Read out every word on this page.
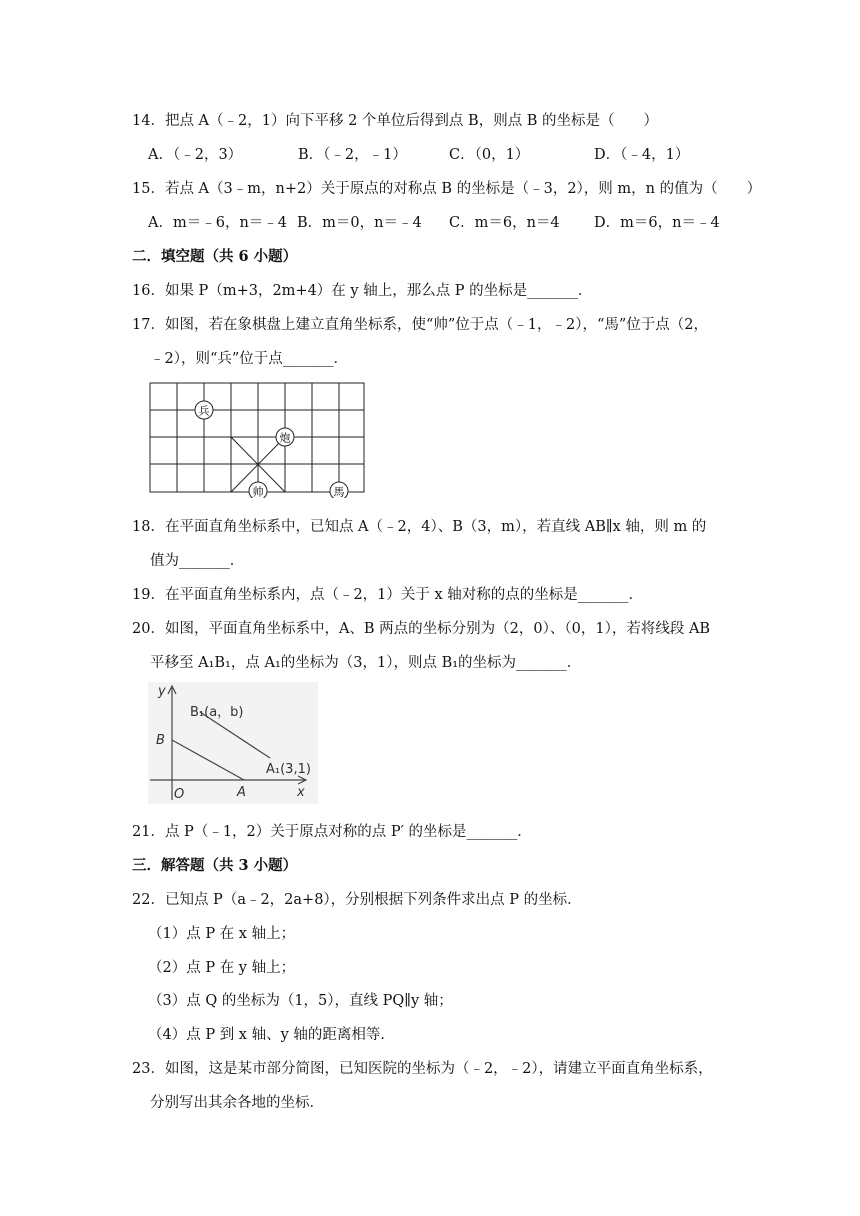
14．把点 A（﹣2，1）向下平移 2 个单位后得到点 B，则点 B 的坐标是（　　）
A．（﹣2，3）	B．（﹣2，﹣1）	C．（0，1）	D．（﹣4，1）
15．若点 A（3﹣m，n+2）关于原点的对称点 B 的坐标是（﹣3，2），则 m，n 的值为（　　）
A．m＝﹣6，n＝﹣4 B．m＝0，n＝﹣4 C．m＝6，n＝4 D．m＝6，n＝﹣4
二．填空题（共 6 小题）
16．如果 P（m+3，2m+4）在 y 轴上，那么点 P 的坐标是_______．
17．如图，若在象棋盘上建立直角坐标系，使“帅”位于点（﹣1，﹣2），“馬”位于点（2，
﹣2），则“兵”位于点_______．
兵
炮
帅	馬
18．在平面直角坐标系中，已知点 A（﹣2，4）、B（3，m），若直线 AB∥x 轴，则 m 的
值为_______．
19．在平面直角坐标系内，点（﹣2，1）关于 x 轴对称的点的坐标是_______．
20．如图，平面直角坐标系中，A、B 两点的坐标分别为（2，0）、（0，1），若将线段 AB
平移至 A₁B₁，点 A₁的坐标为（3，1），则点 B₁的坐标为_______．
y
x
O	A
B
B₁(a，b)
A₁(3,1)
21．点 P（﹣1，2）关于原点对称的点 P′ 的坐标是_______．
三．解答题（共 3 小题）
22．已知点 P（a﹣2，2a+8），分别根据下列条件求出点 P 的坐标．
（1）点 P 在 x 轴上；
（2）点 P 在 y 轴上；
（3）点 Q 的坐标为（1，5），直线 PQ∥y 轴；
（4）点 P 到 x 轴、y 轴的距离相等．
23．如图，这是某市部分简图，已知医院的坐标为（﹣2，﹣2），请建立平面直角坐标系，
分别写出其余各地的坐标．
